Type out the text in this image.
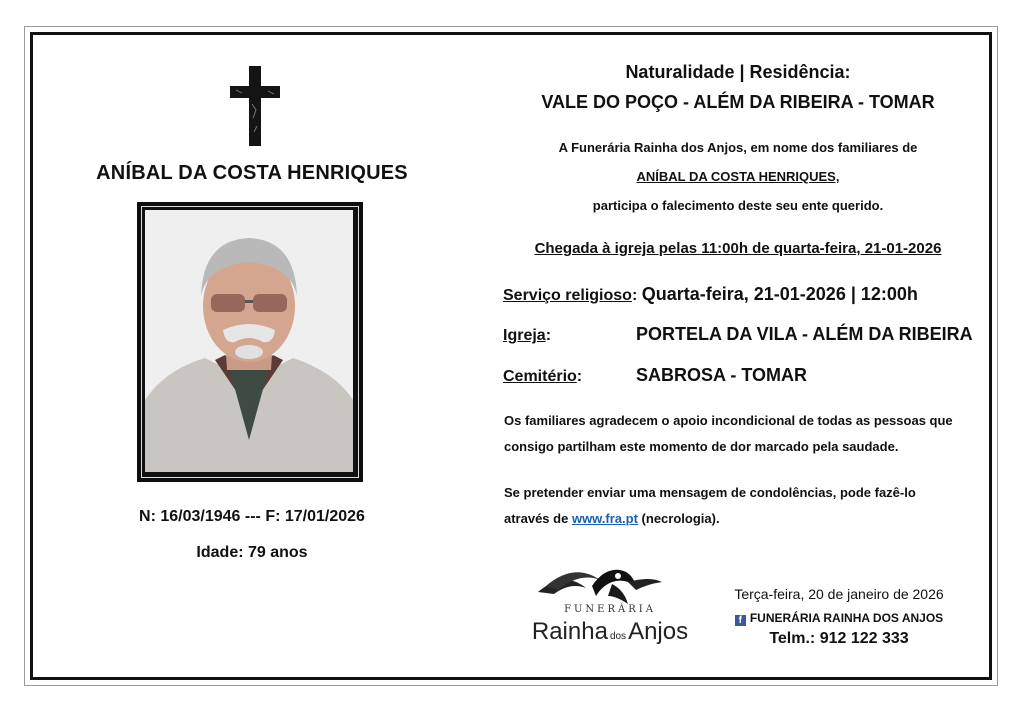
ANÍBAL DA COSTA HENRIQUES
N: 16/03/1946 --- F: 17/01/2026
Idade: 79 anos
Naturalidade | Residência:
VALE DO POÇO - ALÉM DA RIBEIRA - TOMAR
A Funerária Rainha dos Anjos, em nome dos familiares de
ANÍBAL DA COSTA HENRIQUES,
participa o falecimento deste seu ente querido.
Chegada à igreja pelas 11:00h de quarta-feira, 21-01-2026
Serviço religioso: Quarta-feira, 21-01-2026 | 12:00h
Igreja:	PORTELA DA VILA - ALÉM DA RIBEIRA
Cemitério:	SABROSA - TOMAR
Os familiares agradecem o apoio incondicional de todas as pessoas que
consigo partilham este momento de dor marcado pela saudade.
Se pretender enviar uma mensagem de condolências, pode fazê-lo
através de www.fra.pt (necrologia).
FUNERÁRIA
Rainha dosAnjos
Terça-feira, 20 de janeiro de 2026
f FUNERÁRIA RAINHA DOS ANJOS
Telm.: 912 122 333
